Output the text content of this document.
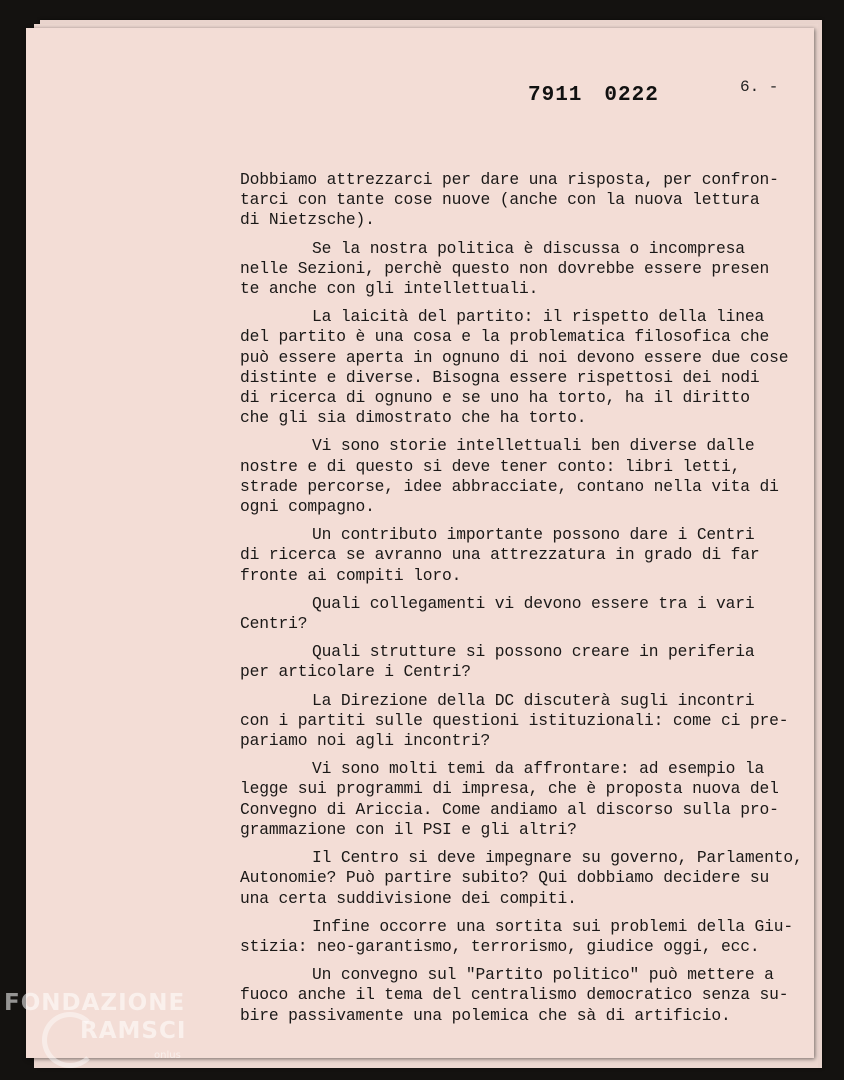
7911 0222	6. -

Dobbiamo attrezzarci per dare una risposta, per confron-
tarci con tante cose nuove (anche con la nuova lettura
di Nietzsche).

Se la nostra politica è discussa o incompresa
nelle Sezioni, perchè questo non dovrebbe essere presen
te anche con gli intellettuali.

La laicità del partito: il rispetto della linea
del partito è una cosa e la problematica filosofica che
può essere aperta in ognuno di noi devono essere due cose
distinte e diverse. Bisogna essere rispettosi dei nodi
di ricerca di ognuno e se uno ha torto, ha il diritto
che gli sia dimostrato che ha torto.

Vi sono storie intellettuali ben diverse dalle
nostre e di questo si deve tener conto: libri letti,
strade percorse, idee abbracciate, contano nella vita di
ogni compagno.

Un contributo importante possono dare i Centri
di ricerca se avranno una attrezzatura in grado di far
fronte ai compiti loro.

Quali collegamenti vi devono essere tra i vari
Centri?

Quali strutture si possono creare in periferia
per articolare i Centri?

La Direzione della DC discuterà sugli incontri
con i partiti sulle questioni istituzionali: come ci pre-
pariamo noi agli incontri?

Vi sono molti temi da affrontare: ad esempio la
legge sui programmi di impresa, che è proposta nuova del
Convegno di Ariccia. Come andiamo al discorso sulla pro-
grammazione con il PSI e gli altri?

Il Centro si deve impegnare su governo, Parlamento,
Autonomie? Può partire subito? Qui dobbiamo decidere su
una certa suddivisione dei compiti.

Infine occorre una sortita sui problemi della Giu-
stizia: neo-garantismo, terrorismo, giudice oggi, ecc.

Un convegno sul "Partito politico" può mettere a
fuoco anche il tema del centralismo democratico senza su-
bire passivamente una polemica che sà di artificio.

FONDAZIONE
RAMSCI
onlus
